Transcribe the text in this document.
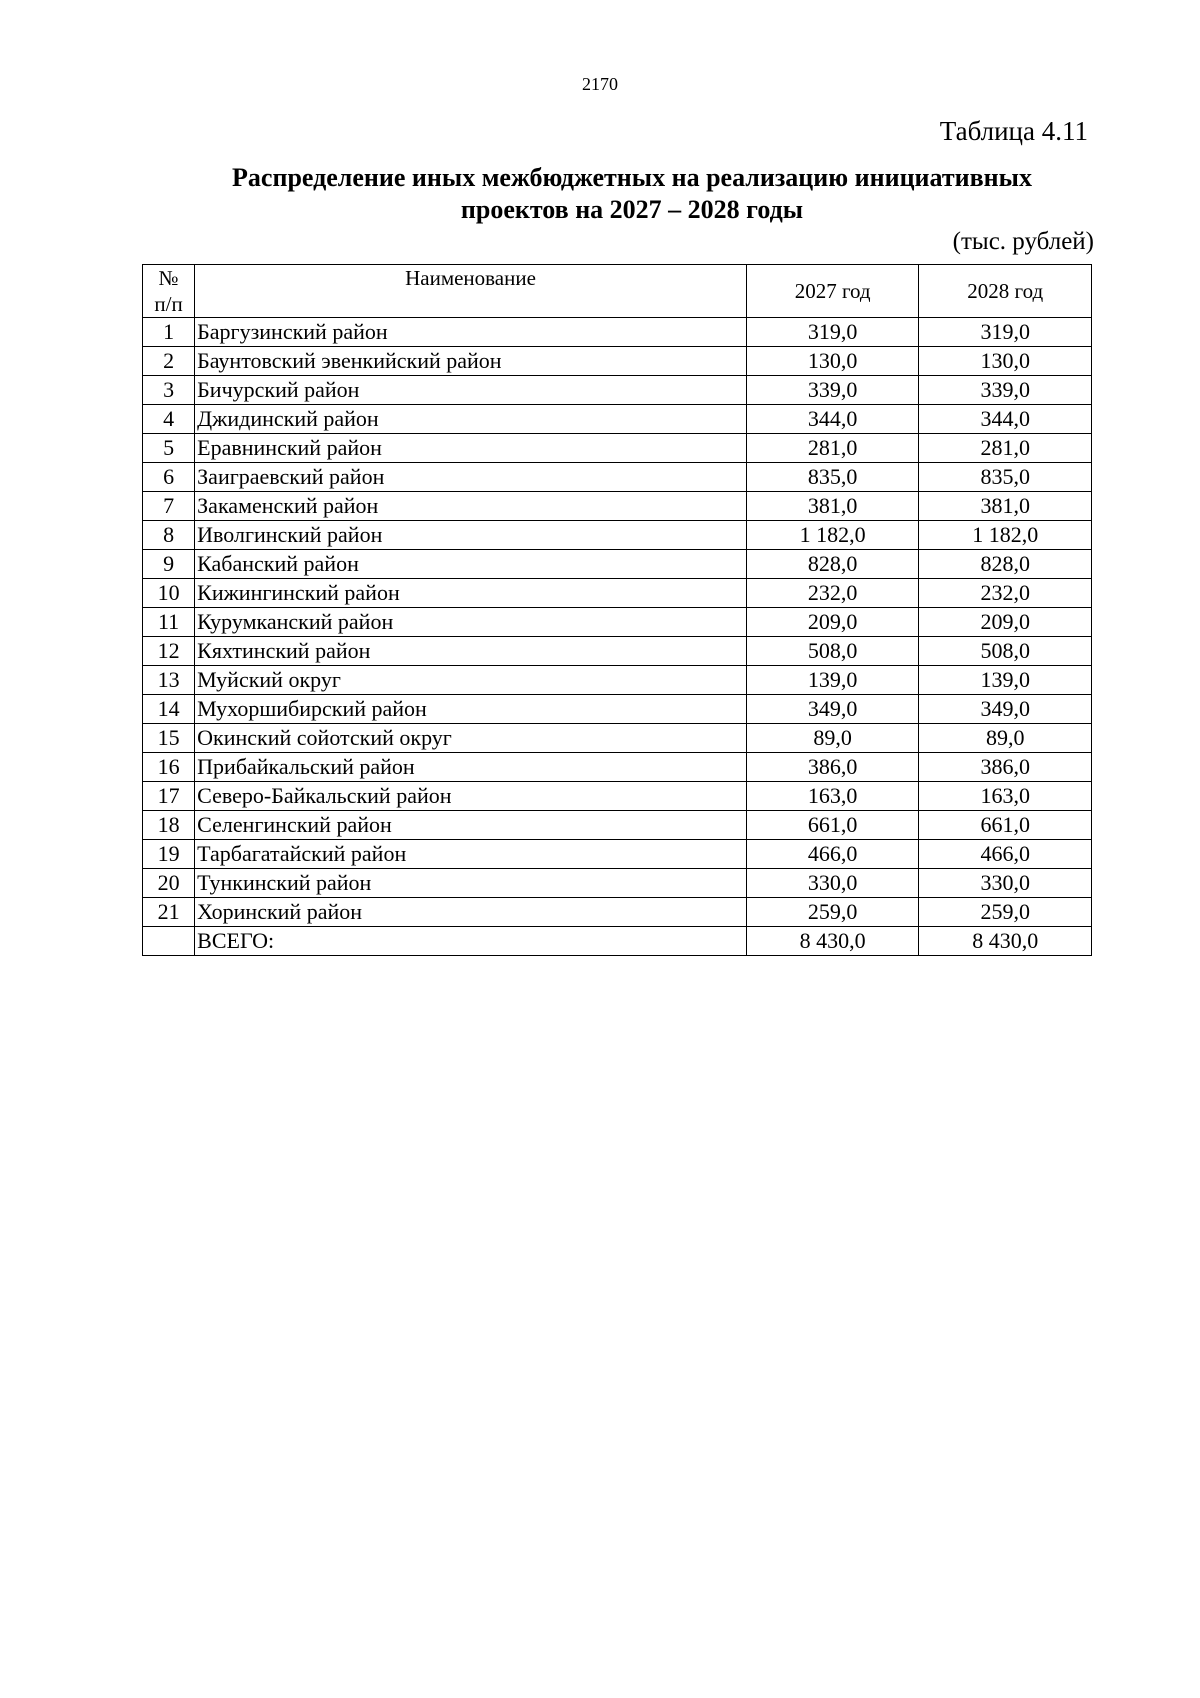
2170
Таблица 4.11
Распределение иных межбюджетных на реализацию инициативных
проектов на 2027 – 2028 годы
(тыс. рублей)
№
п/п	Наименование	2027 год	2028 год
1	Баргузинский район	319,0	319,0
2	Баунтовский эвенкийский район	130,0	130,0
3	Бичурский район	339,0	339,0
4	Джидинский район	344,0	344,0
5	Еравнинский район	281,0	281,0
6	Заиграевский район	835,0	835,0
7	Закаменский район	381,0	381,0
8	Иволгинский район	1 182,0	1 182,0
9	Кабанский район	828,0	828,0
10	Кижингинский район	232,0	232,0
11	Курумканский район	209,0	209,0
12	Кяхтинский район	508,0	508,0
13	Муйский округ	139,0	139,0
14	Мухоршибирский район	349,0	349,0
15	Окинский сойотский округ	89,0	89,0
16	Прибайкальский район	386,0	386,0
17	Северо-Байкальский район	163,0	163,0
18	Селенгинский район	661,0	661,0
19	Тарбагатайский район	466,0	466,0
20	Тункинский район	330,0	330,0
21	Хоринский район	259,0	259,0
	ВСЕГО:	8 430,0	8 430,0
